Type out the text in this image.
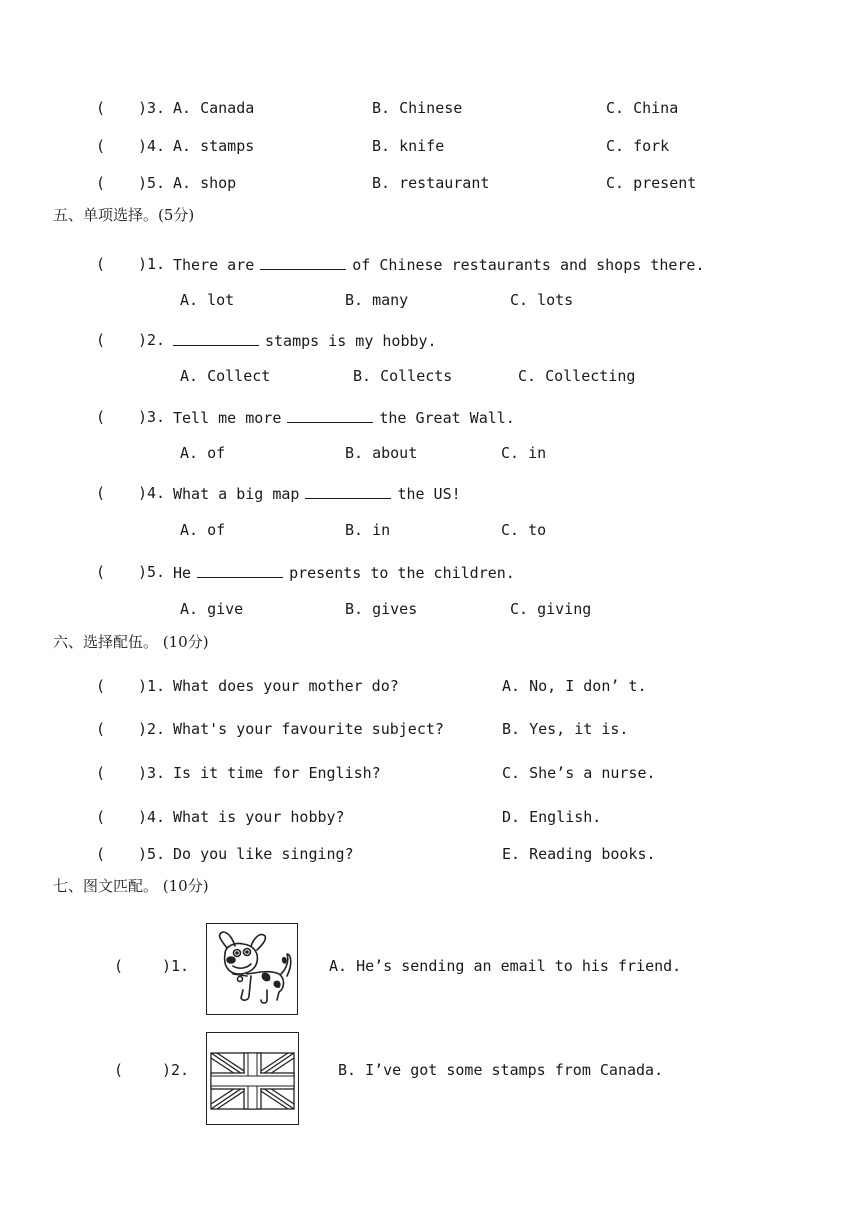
( )3. A. Canada	B. Chinese	C. China
( )4. A. stamps	B. knife	C. fork
( )5. A. shop	B. restaurant	C. present
五、单项选择。(5分)
( )1. There are	of Chinese restaurants and shops there.
A. lot	B. many	C. lots
( )2.	stamps is my hobby.
A. Collect	B. Collects	C. Collecting
( )3. Tell me more	the Great Wall.
A. of	B. about	C. in
( )4. What a big map	the US!
A. of	B. in	C. to
( )5. He	presents to the children.
A. give	B. gives	C. giving
六、选择配伍。 (10分)
( )1. What does your mother do?	A. No, I don’ t.
( )2. What's your favourite subject?	B. Yes, it is.
( )3. Is it time for English?	C. She’s a nurse.
( )4. What is your hobby?	D. English.
( )5. Do you like singing?	E. Reading books.
七、图文匹配。 (10分)
(	)1.	A. He’s sending an email to his friend.
(	)2.	B. I’ve got some stamps from Canada.
